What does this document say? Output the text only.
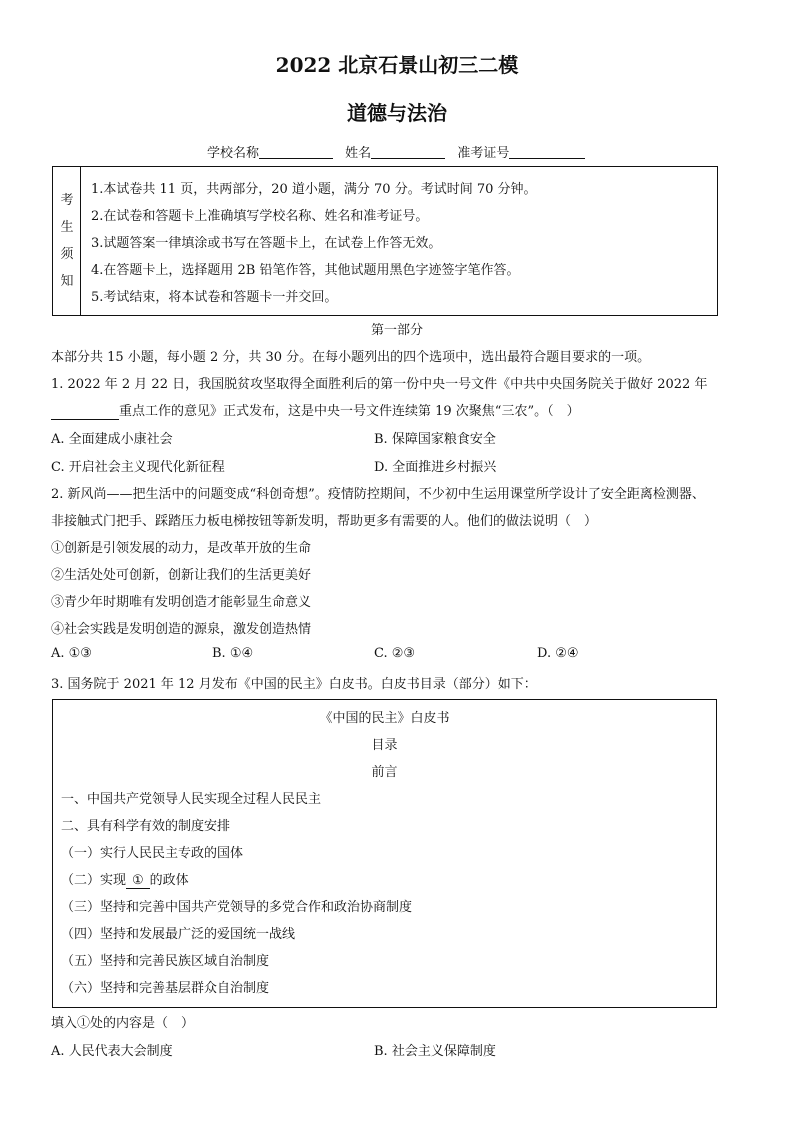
2022 北京石景山初三二模
道德与法治
学校名称	姓名	准考证号
考
生
须
知
1.本试卷共 11 页，共两部分，20 道小题，满分 70 分。考试时间 70 分钟。
2.在试卷和答题卡上准确填写学校名称、姓名和准考证号。
3.试题答案一律填涂或书写在答题卡上，在试卷上作答无效。
4.在答题卡上，选择题用 2B 铅笔作答，其他试题用黑色字迹签字笔作答。
5.考试结束，将本试卷和答题卡一并交回。
第一部分
本部分共 15 小题，每小题 2 分，共 30 分。在每小题列出的四个选项中，选出最符合题目要求的一项。
1. 2022 年 2 月 22 日，我国脱贫攻坚取得全面胜利后的第一份中央一号文件《中共中央国务院关于做好 2022 年
重点工作的意见》正式发布，这是中央一号文件连续第 19 次聚焦“三农”。（　）
A. 全面建成小康社会	B. 保障国家粮食安全
C. 开启社会主义现代化新征程	D. 全面推进乡村振兴
2. 新风尚——把生活中的问题变成“科创奇想”。疫情防控期间，不少初中生运用课堂所学设计了安全距离检测器、
非接触式门把手、踩踏压力板电梯按钮等新发明，帮助更多有需要的人。他们的做法说明（　）
①创新是引领发展的动力，是改革开放的生命
②生活处处可创新，创新让我们的生活更美好
③青少年时期唯有发明创造才能彰显生命意义
④社会实践是发明创造的源泉，激发创造热情
A. ①③	B. ①④	C. ②③	D. ②④
3. 国务院于 2021 年 12 月发布《中国的民主》白皮书。白皮书目录（部分）如下：
《中国的民主》白皮书
目录
前言
一、中国共产党领导人民实现全过程人民民主
二、具有科学有效的制度安排
（一）实行人民民主专政的国体
（二）实现 ① 的政体
（三）坚持和完善中国共产党领导的多党合作和政治协商制度
（四）坚持和发展最广泛的爱国统一战线
（五）坚持和完善民族区域自治制度
（六）坚持和完善基层群众自治制度
填入①处的内容是（　）
A. 人民代表大会制度	B. 社会主义保障制度
